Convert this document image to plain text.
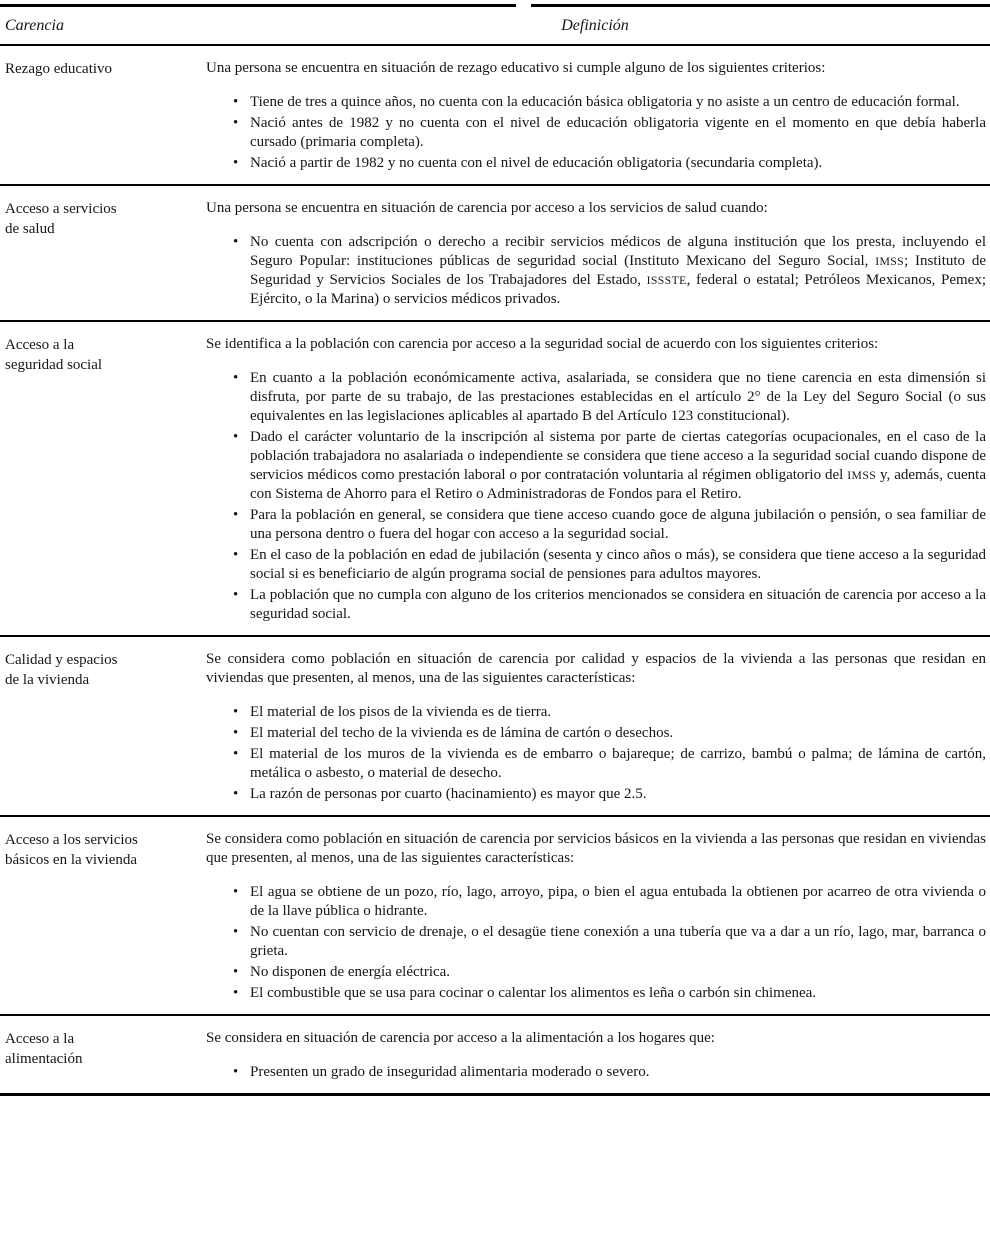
Carencia	Definición
Rezago educativo	Una persona se encuentra en situación de rezago educativo si cumple alguno de los siguientes criterios:

• Tiene de tres a quince años, no cuenta con la educación básica obligatoria y no asiste a un centro de educación formal.
• Nació antes de 1982 y no cuenta con el nivel de educación obligatoria vigente en el momento en que debía haberla cursado (primaria completa).
• Nació a partir de 1982 y no cuenta con el nivel de educación obligatoria (secundaria completa).
Acceso a servicios
de salud

Una persona se encuentra en situación de carencia por acceso a los servicios de salud cuando:

• No cuenta con adscripción o derecho a recibir servicios médicos de alguna institución que los presta, incluyendo el Seguro Popular: instituciones públicas de seguridad social (Instituto Mexicano del Seguro Social, IMSS; Instituto de Seguridad y Servicios Sociales de los Trabajadores del Estado, ISSSTE, federal o estatal; Petróleos Mexicanos, Pemex; Ejército, o la Marina) o servicios médicos privados.
Acceso a la
seguridad social

Se identifica a la población con carencia por acceso a la seguridad social de acuerdo con los siguientes criterios:

• En cuanto a la población económicamente activa, asalariada, se considera que no tiene carencia en esta dimensión si disfruta, por parte de su trabajo, de las prestaciones establecidas en el artículo 2° de la Ley del Seguro Social (o sus equivalentes en las legislaciones aplicables al apartado B del Artículo 123 constitucional).
• Dado el carácter voluntario de la inscripción al sistema por parte de ciertas categorías ocupacionales, en el caso de la población trabajadora no asalariada o independiente se considera que tiene acceso a la seguridad social cuando dispone de servicios médicos como prestación laboral o por contratación voluntaria al régimen obligatorio del IMSS y, además, cuenta con Sistema de Ahorro para el Retiro o Administradoras de Fondos para el Retiro.
• Para la población en general, se considera que tiene acceso cuando goce de alguna jubilación o pensión, o sea familiar de una persona dentro o fuera del hogar con acceso a la seguridad social.
• En el caso de la población en edad de jubilación (sesenta y cinco años o más), se considera que tiene acceso a la seguridad social si es beneficiario de algún programa social de pensiones para adultos mayores.
• La población que no cumpla con alguno de los criterios mencionados se considera en situación de carencia por acceso a la seguridad social.
Calidad y espacios
de la vivienda

Se considera como población en situación de carencia por calidad y espacios de la vivienda a las personas que residan en viviendas que presenten, al menos, una de las siguientes características:

• El material de los pisos de la vivienda es de tierra.
• El material del techo de la vivienda es de lámina de cartón o desechos.
• El material de los muros de la vivienda es de embarro o bajareque; de carrizo, bambú o palma; de lámina de cartón, metálica o asbesto, o material de desecho.
• La razón de personas por cuarto (hacinamiento) es mayor que 2.5.
Acceso a los servicios
básicos en la vivienda

Se considera como población en situación de carencia por servicios básicos en la vivienda a las personas que residan en viviendas que presenten, al menos, una de las siguientes características:

• El agua se obtiene de un pozo, río, lago, arroyo, pipa, o bien el agua entubada la obtienen por acarreo de otra vivienda o de la llave pública o hidrante.
• No cuentan con servicio de drenaje, o el desagüe tiene conexión a una tubería que va a dar a un río, lago, mar, barranca o grieta.
• No disponen de energía eléctrica.
• El combustible que se usa para cocinar o calentar los alimentos es leña o carbón sin chimenea.
Acceso a la
alimentación

Se considera en situación de carencia por acceso a la alimentación a los hogares que:

• Presenten un grado de inseguridad alimentaria moderado o severo.
